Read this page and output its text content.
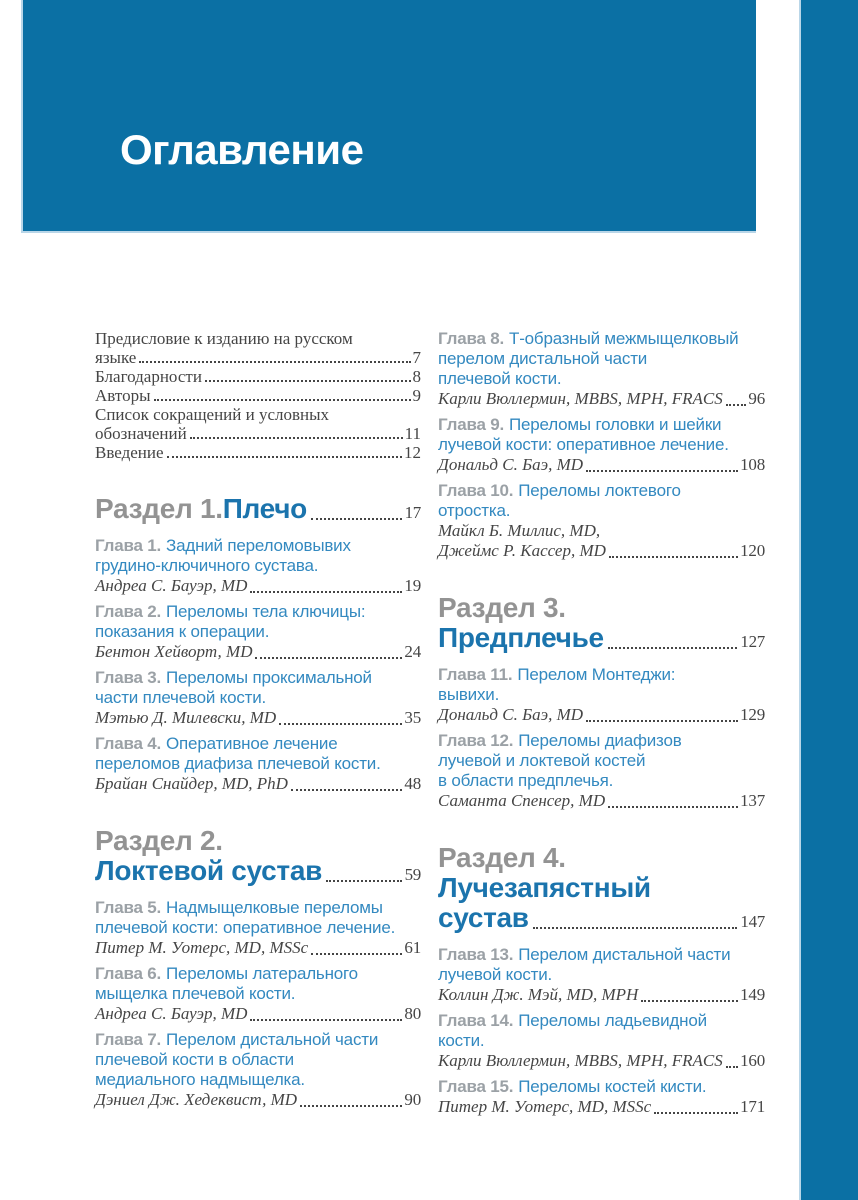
Оглавление
Предисловие к изданию на русском
языке	7
Благодарности	8
Авторы	9
Список сокращений и условных
обозначений	11
Введение	12
Раздел 1. Плечо	17
Глава 1. Задний переломовывих
грудино-ключичного сустава.
Андреа С. Бауэр, MD	19
Глава 2. Переломы тела ключицы:
показания к операции.
Бентон Хейворт, MD	24
Глава 3. Переломы проксимальной
части плечевой кости.
Мэтью Д. Милевски, MD	35
Глава 4. Оперативное лечение
переломов диафиза плечевой кости.
Брайан Снайдер, MD, PhD	48
Раздел 2.
Локтевой сустав	59
Глава 5. Надмыщелковые переломы
плечевой кости: оперативное лечение.
Питер М. Уотерс, MD, MSSc	61
Глава 6. Переломы латерального
мыщелка плечевой кости.
Андреа С. Бауэр, MD	80
Глава 7. Перелом дистальной части
плечевой кости в области
медиального надмыщелка.
Дэниел Дж. Хедеквист, MD	90
Глава 8. Т-образный межмыщелковый
перелом дистальной части
плечевой кости.
Карли Вюллермин, MBBS, MPH, FRACS 96
Глава 9. Переломы головки и шейки
лучевой кости: оперативное лечение.
Дональд С. Баэ, MD	108
Глава 10. Переломы локтевого
отростка.
Майкл Б. Миллис, MD,
Джеймс Р. Кассер, MD	120
Раздел 3.
Предплечье	127
Глава 11. Перелом Монтеджи:
вывихи.
Дональд С. Баэ, MD	129
Глава 12. Переломы диафизов
лучевой и локтевой костей
в области предплечья.
Саманта Спенсер, MD	137
Раздел 4.
Лучезапястный
сустав	147
Глава 13. Перелом дистальной части
лучевой кости.
Коллин Дж. Мэй, MD, MPH	149
Глава 14. Переломы ладьевидной
кости.
Карли Вюллермин, MBBS, MPH, FRACS 160
Глава 15. Переломы костей кисти.
Питер М. Уотерс, MD, MSSc	171
